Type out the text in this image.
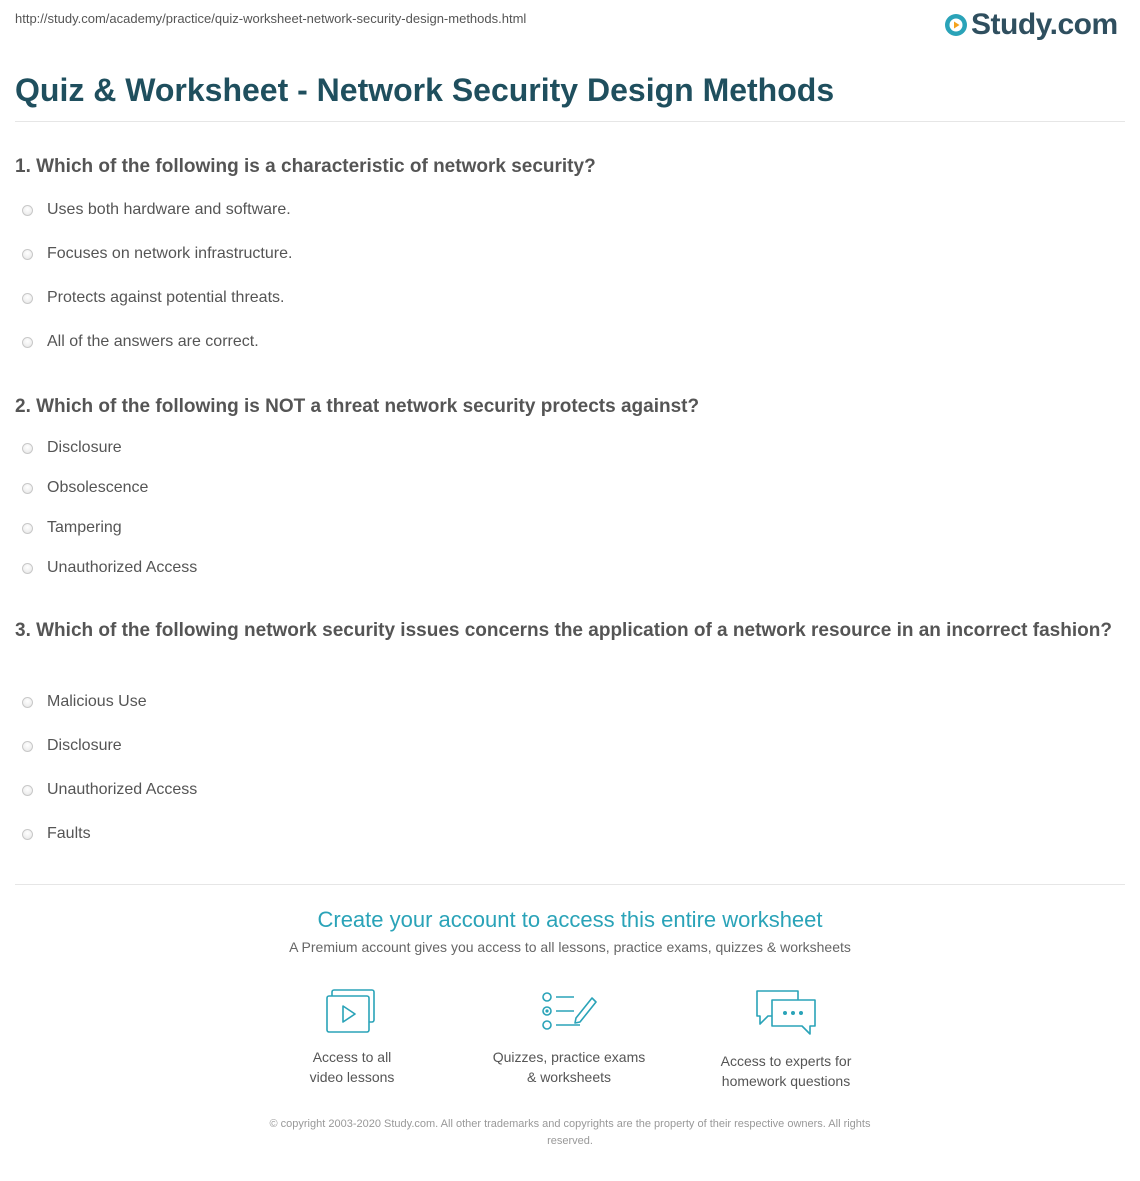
http://study.com/academy/practice/quiz-worksheet-network-security-design-methods.html	Study.com
Quiz & Worksheet - Network Security Design Methods
1. Which of the following is a characteristic of network security?
Uses both hardware and software.
Focuses on network infrastructure.
Protects against potential threats.
All of the answers are correct.
2. Which of the following is NOT a threat network security protects against?
Disclosure
Obsolescence
Tampering
Unauthorized Access
3. Which of the following network security issues concerns the application of a network resource in an incorrect fashion?
Malicious Use
Disclosure
Unauthorized Access
Faults
Create your account to access this entire worksheet
A Premium account gives you access to all lessons, practice exams, quizzes & worksheets
Access to all
video lessons
Quizzes, practice exams
& worksheets
Access to experts for
homework questions
© copyright 2003-2020 Study.com. All other trademarks and copyrights are the property of their respective owners. All rights
reserved.
